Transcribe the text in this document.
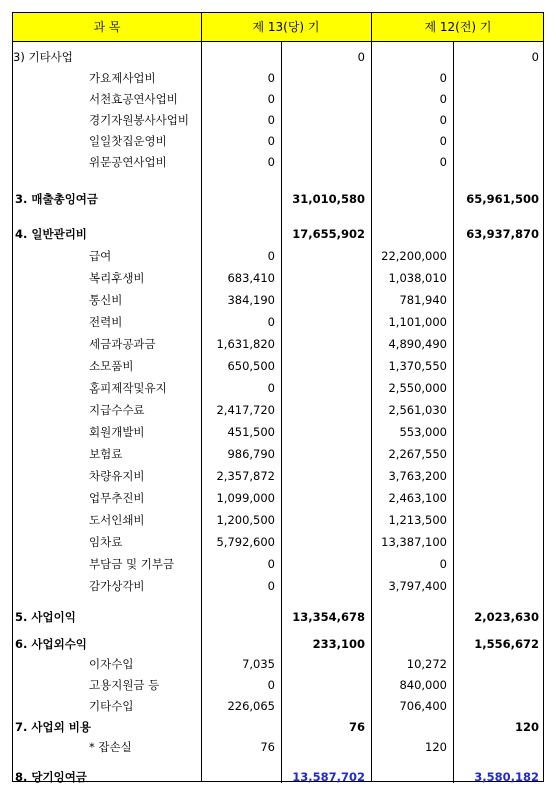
과 목	제 13(당) 기	제 12(전) 기
3) 기타사업	0	0
가요제사업비	0	0
서천효공연사업비	0	0
경기자원봉사사업비	0	0
일일찻집운영비	0	0
위문공연사업비	0	0
3. 매출총잉여금	31,010,580	65,961,500
4. 일반관리비	17,655,902	63,937,870
급여	0	22,200,000
복리후생비	683,410	1,038,010
통신비	384,190	781,940
전력비	0	1,101,000
세금과공과금	1,631,820	4,890,490
소모품비	650,500	1,370,550
홈피제작및유지	0	2,550,000
지급수수료	2,417,720	2,561,030
회원개발비	451,500	553,000
보험료	986,790	2,267,550
차량유지비	2,357,872	3,763,200
업무추진비	1,099,000	2,463,100
도서인쇄비	1,200,500	1,213,500
임차료	5,792,600	13,387,100
부담금 및 기부금	0	0
감가상각비	0	3,797,400
5. 사업이익	13,354,678	2,023,630
6. 사업외수익	233,100	1,556,672
이자수입	7,035	10,272
고용지원금 등	0	840,000
기타수입	226,065	706,400
7. 사업외 비용	76	120
* 잡손실	76	120
8. 당기잉여금	13,587,702	3,580,182
